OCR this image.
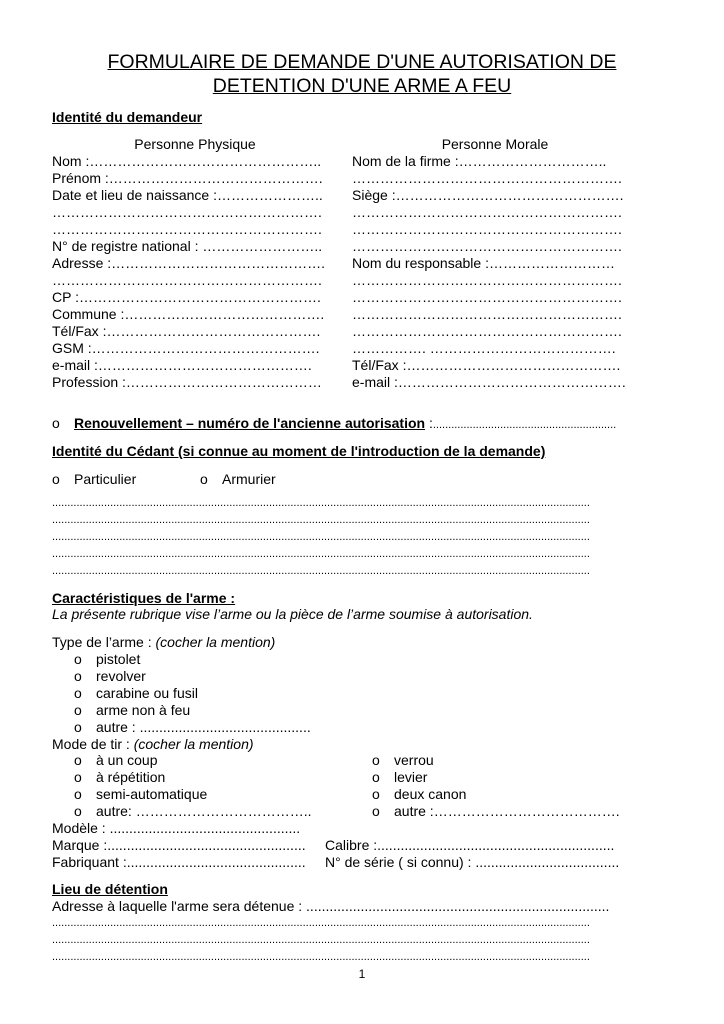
FORMULAIRE DE DEMANDE D'UNE AUTORISATION DE
DETENTION D'UNE ARME A FEU
Identité du demandeur
Personne Physique	Personne Morale
Nom :…………………………………………..
Prénom :……………………………………….
Date et lieu de naissance :…………………..
………………………………………………….
………………………………………………….
N° de registre national : ……………………..
Adresse :……………………………………….
………………………………………………….
CP :…………………………………………….
Commune :…………………………………….
Tél/Fax :……………………………………….
GSM :………………………………………….
e-mail :……………………………………….
Profession :……………………………………
Nom de la firme :…………………………..
………………………………………………….
Siège :………………………………………….
………………………………………………….
………………………………………………….
………………………………………………….
Nom du responsable :………………………
………………………………………………….
………………………………………………….
………………………………………………….
………………………………………………….
……………. ………………………………….
Tél/Fax :……………………………………….
e-mail :………………………………………….
o Renouvellement – numéro de l'ancienne autorisation :............................................................
Identité du Cédant (si connue au moment de l'introduction de la demande)
o Particulier	o Armurier
................................................................................................................................................................................
................................................................................................................................................................................
................................................................................................................................................................................
................................................................................................................................................................................
................................................................................................................................................................................
Caractéristiques de l'arme :
La présente rubrique vise l’arme ou la pièce de l’arme soumise à autorisation.
Type de l’arme : (cocher la mention)
o pistolet
o revolver
o carabine ou fusil
o arme non à feu
o autre : ............................................
Mode de tir : (cocher la mention)
o à un coup
o à répétition
o semi-automatique
o autre: ………………………………..
o verrou
o levier
o deux canon
o autre :………………………………….
Modèle : .................................................
Marque :................................................... Calibre :.............................................................
Fabriquant :.............................................. N° de série ( si connu) : .....................................
Lieu de détention
Adresse à laquelle l'arme sera détenue : ..............................................................................
................................................................................................................................................................................
................................................................................................................................................................................
................................................................................................................................................................................
1
